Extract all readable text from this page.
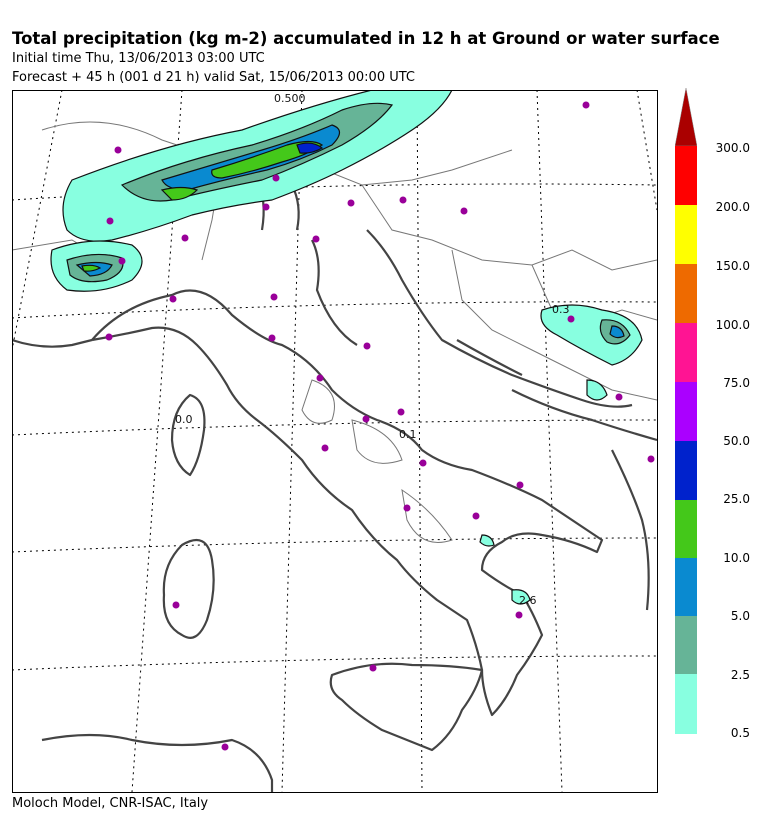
Total precipitation (kg m-2) accumulated in 12 h at Ground or water surface
Initial time Thu, 13/06/2013 03:00 UTC
Forecast + 45 h (001 d 21 h) valid Sat, 15/06/2013 00:00 UTC
0.500
0.0
0.1
2.6
0.3
300.0
200.0
150.0
100.0
75.0
50.0
25.0
10.0
5.0
2.5
0.5
Moloch Model, CNR-ISAC, Italy
